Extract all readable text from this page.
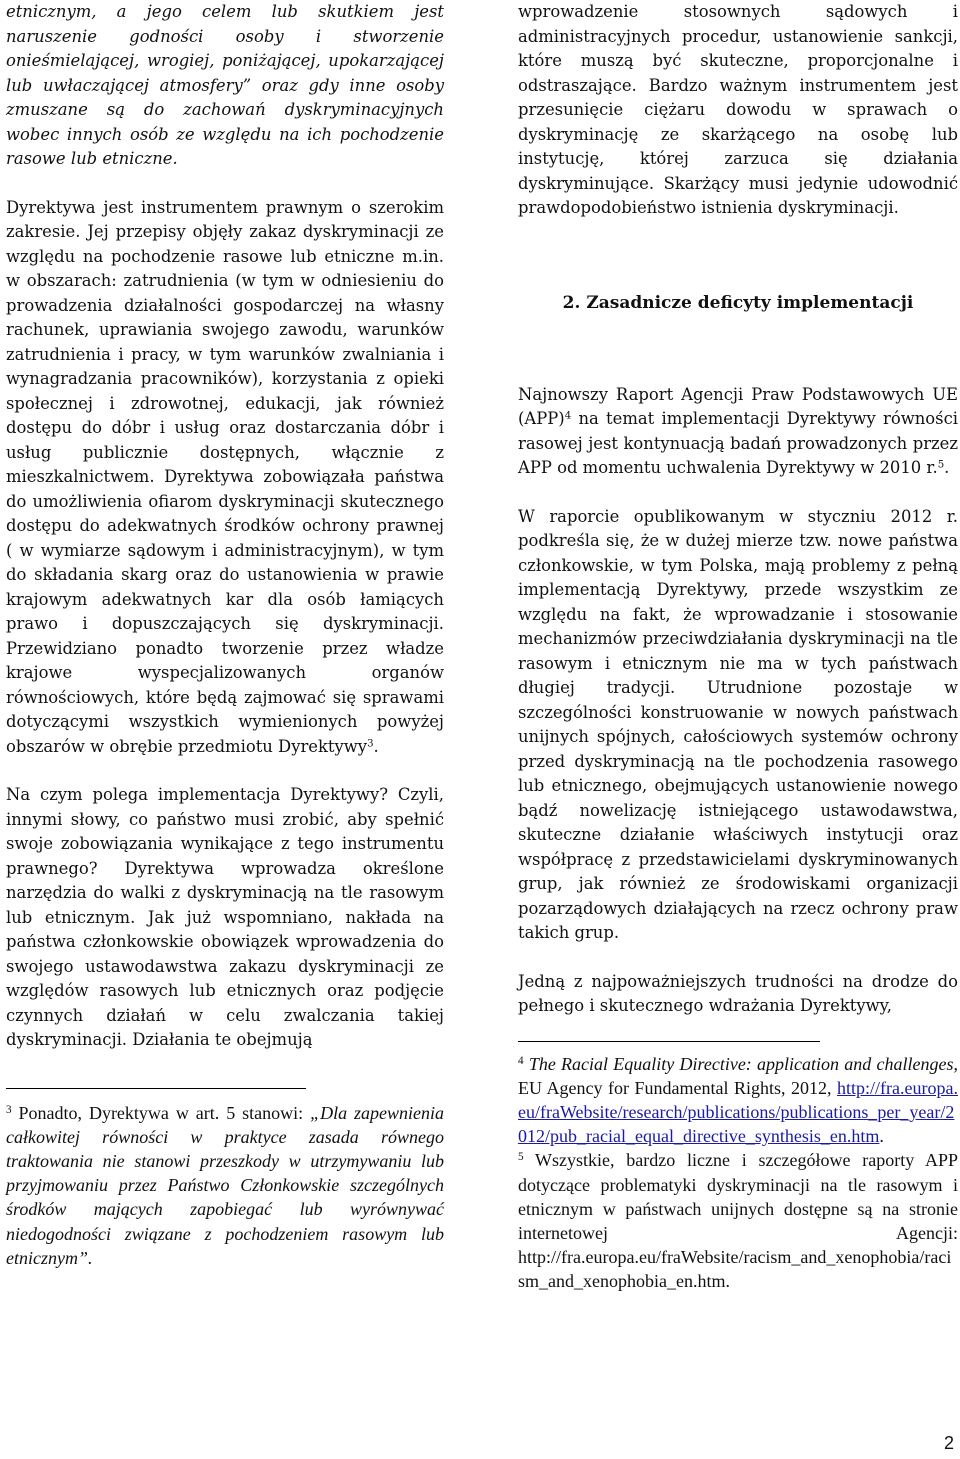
etnicznym, a jego celem lub skutkiem jest naruszenie godności osoby i stworzenie onieśmielającej, wrogiej, poniżającej, upokarzającej lub uwłaczającej atmosfery” oraz gdy inne osoby zmuszane są do zachowań dyskryminacyjnych wobec innych osób ze względu na ich pochodzenie rasowe lub etniczne.

Dyrektywa jest instrumentem prawnym o szerokim zakresie. Jej przepisy objęły zakaz dyskryminacji ze względu na pochodzenie rasowe lub etniczne m.in. w obszarach: zatrudnienia (w tym w odniesieniu do prowadzenia działalności gospodarczej na własny rachunek, uprawiania swojego zawodu, warunków zatrudnienia i pracy, w tym warunków zwalniania i wynagradzania pracowników), korzystania z opieki społecznej i zdrowotnej, edukacji, jak również dostępu do dóbr i usług oraz dostarczania dóbr i usług publicznie dostępnych, włącznie z mieszkalnictwem. Dyrektywa zobowiązała państwa do umożliwienia ofiarom dyskryminacji skutecznego dostępu do adekwatnych środków ochrony prawnej ( w wymiarze sądowym i administracyjnym), w tym do składania skarg oraz do ustanowienia w prawie krajowym adekwatnych kar dla osób łamiących prawo i dopuszczających się dyskryminacji. Przewidziano ponadto tworzenie przez władze krajowe wyspecjalizowanych organów równościowych, które będą zajmować się sprawami dotyczącymi wszystkich wymienionych powyżej obszarów w obrębie przedmiotu Dyrektywy$^3$.

Na czym polega implementacja Dyrektywy? Czyli, innymi słowy, co państwo musi zrobić, aby spełnić swoje zobowiązania wynikające z tego instrumentu prawnego? Dyrektywa wprowadza określone narzędzia do walki z dyskryminacją na tle rasowym lub etnicznym. Jak już wspomniano, nakłada na państwa członkowskie obowiązek wprowadzenia do swojego ustawodawstwa zakazu dyskryminacji ze względów rasowych lub etnicznych oraz podjęcie czynnych działań w celu zwalczania takiej dyskryminacji. Działania te obejmują

$^3$ Ponadto, Dyrektywa w art. 5 stanowi: „Dla zapewnienia całkowitej równości w praktyce zasada równego traktowania nie stanowi przeszkody w utrzymywaniu lub przyjmowaniu przez Państwo Członkowskie szczególnych środków mających zapobiegać lub wyrównywać niedogodności związane z pochodzeniem rasowym lub etnicznym”.

wprowadzenie stosownych sądowych i administracyjnych procedur, ustanowienie sankcji, które muszą być skuteczne, proporcjonalne i odstraszające. Bardzo ważnym instrumentem jest przesunięcie ciężaru dowodu w sprawach o dyskryminację ze skarżącego na osobę lub instytucję, której zarzuca się działania dyskryminujące. Skarżący musi jedynie udowodnić prawdopodobieństwo istnienia dyskryminacji.

2. Zasadnicze deficyty implementacji

Najnowszy Raport Agencji Praw Podstawowych UE (APP)$^4$ na temat implementacji Dyrektywy równości rasowej jest kontynuacją badań prowadzonych przez APP od momentu uchwalenia Dyrektywy w 2010 r.$^5$.

W raporcie opublikowanym w styczniu 2012 r. podkreśla się, że w dużej mierze tzw. nowe państwa członkowskie, w tym Polska, mają problemy z pełną implementacją Dyrektywy, przede wszystkim ze względu na fakt, że wprowadzanie i stosowanie mechanizmów przeciwdziałania dyskryminacji na tle rasowym i etnicznym nie ma w tych państwach długiej tradycji. Utrudnione pozostaje w szczególności konstruowanie w nowych państwach unijnych spójnych, całościowych systemów ochrony przed dyskryminacją na tle pochodzenia rasowego lub etnicznego, obejmujących ustanowienie nowego bądź nowelizację istniejącego ustawodawstwa, skuteczne działanie właściwych instytucji oraz współpracę z przedstawicielami dyskryminowanych grup, jak również ze środowiskami organizacji pozarządowych działających na rzecz ochrony praw takich grup.

Jedną z najpoważniejszych trudności na drodze do pełnego i skutecznego wdrażania Dyrektywy,

$^4$ The Racial Equality Directive: application and challenges, EU Agency for Fundamental Rights, 2012, http://fra.europa.eu/fraWebsite/research/publications/publications_per_year/2012/pub_racial_equal_directive_synthesis_en.htm.

$^5$ Wszystkie, bardzo liczne i szczegółowe raporty APP dotyczące problematyki dyskryminacji na tle rasowym i etnicznym w państwach unijnych dostępne są na stronie internetowej Agencji: http://fra.europa.eu/fraWebsite/racism_and_xenophobia/racism_and_xenophobia_en.htm.

2
